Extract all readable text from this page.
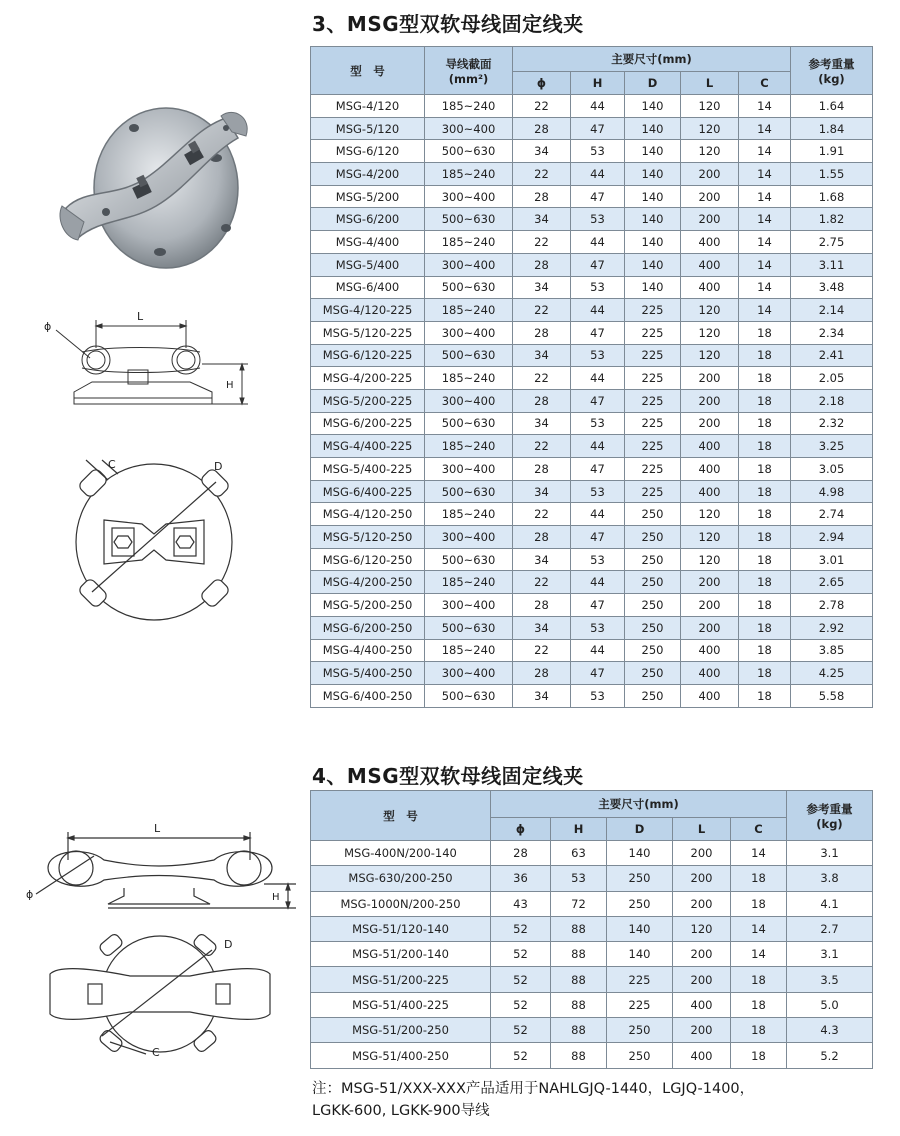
3、MSG型双软母线固定线夹
L
ϕ
H
C	D
型　号	导线截面
(mm²)	主要尺寸(mm)					参考重量
(kg)
		ϕ	H	D	L	C	
MSG-4/120	185~240	22	44	140	120	14	1.64
MSG-5/120	300~400	28	47	140	120	14	1.84
MSG-6/120	500~630	34	53	140	120	14	1.91
MSG-4/200	185~240	22	44	140	200	14	1.55
MSG-5/200	300~400	28	47	140	200	14	1.68
MSG-6/200	500~630	34	53	140	200	14	1.82
MSG-4/400	185~240	22	44	140	400	14	2.75
MSG-5/400	300~400	28	47	140	400	14	3.11
MSG-6/400	500~630	34	53	140	400	14	3.48
MSG-4/120-225	185~240	22	44	225	120	14	2.14
MSG-5/120-225	300~400	28	47	225	120	18	2.34
MSG-6/120-225	500~630	34	53	225	120	18	2.41
MSG-4/200-225	185~240	22	44	225	200	18	2.05
MSG-5/200-225	300~400	28	47	225	200	18	2.18
MSG-6/200-225	500~630	34	53	225	200	18	2.32
MSG-4/400-225	185~240	22	44	225	400	18	3.25
MSG-5/400-225	300~400	28	47	225	400	18	3.05
MSG-6/400-225	500~630	34	53	225	400	18	4.98
MSG-4/120-250	185~240	22	44	250	120	18	2.74
MSG-5/120-250	300~400	28	47	250	120	18	2.94
MSG-6/120-250	500~630	34	53	250	120	18	3.01
MSG-4/200-250	185~240	22	44	250	200	18	2.65
MSG-5/200-250	300~400	28	47	250	200	18	2.78
MSG-6/200-250	500~630	34	53	250	200	18	2.92
MSG-4/400-250	185~240	22	44	250	400	18	3.85
MSG-5/400-250	300~400	28	47	250	400	18	4.25
MSG-6/400-250	500~630	34	53	250	400	18	5.58
4、MSG型双软母线固定线夹
L
ϕ	H
D
C
型　号	主要尺寸(mm)					参考重量
(kg)
	ϕ	H	D	L	C	
MSG-400N/200-140	28	63	140	200	14	3.1
MSG-630/200-250	36	53	250	200	18	3.8
MSG-1000N/200-250	43	72	250	200	18	4.1
MSG-51/120-140	52	88	140	120	14	2.7
MSG-51/200-140	52	88	140	200	14	3.1
MSG-51/200-225	52	88	225	200	18	3.5
MSG-51/400-225	52	88	225	400	18	5.0
MSG-51/200-250	52	88	250	200	18	4.3
MSG-51/400-250	52	88	250	400	18	5.2
注：MSG-51/XXX-XXX产品适用于NAHLGJQ-1440，LGJQ-1400，
LGKK-600, LGKK-900导线
